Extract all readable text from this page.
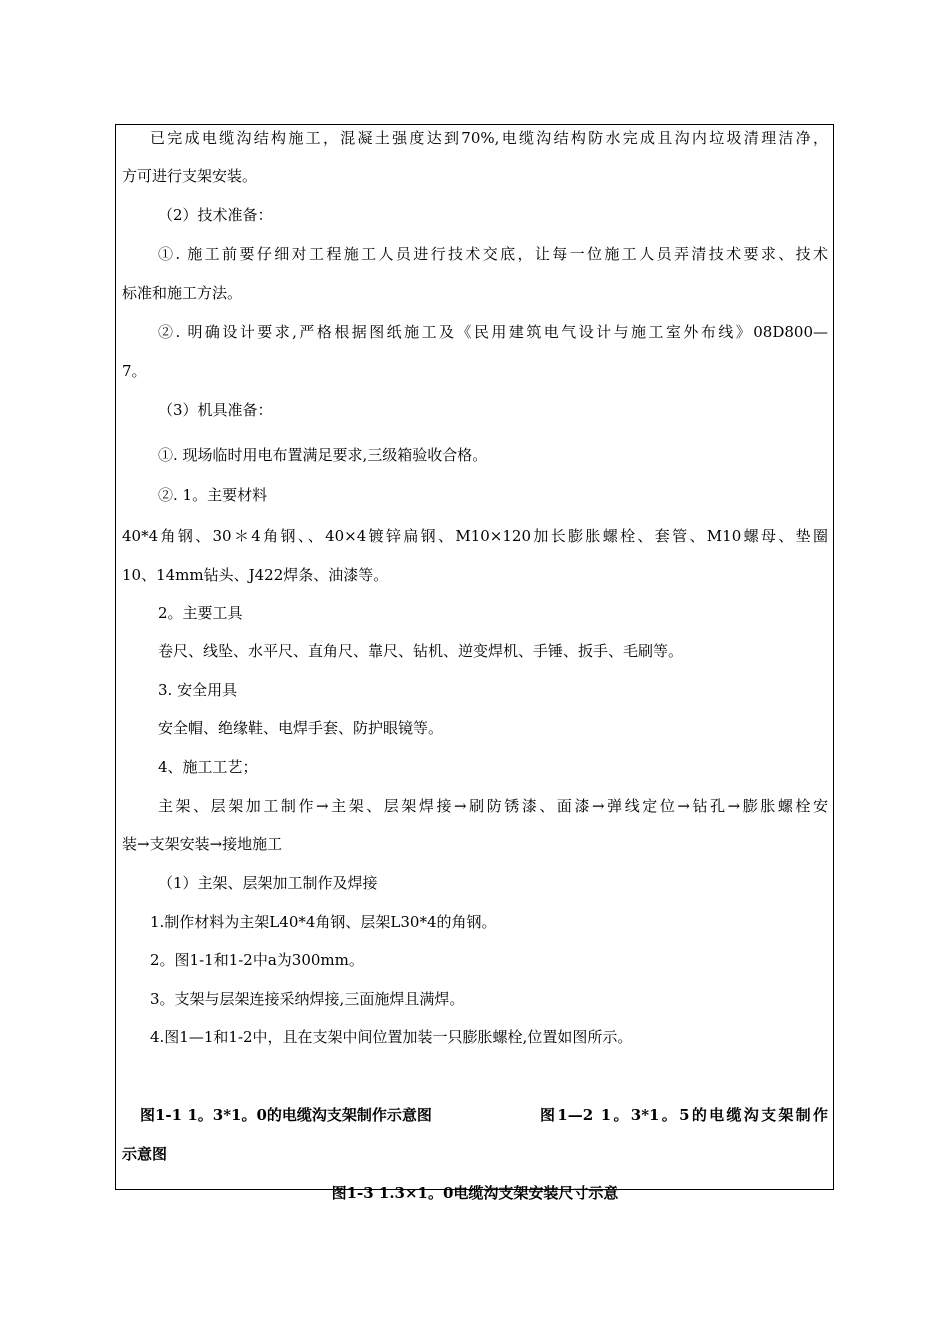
已完成电缆沟结构施工，混凝土强度达到70%,电缆沟结构防水完成且沟内垃圾清理洁净，
方可进行支架安装。
（2）技术准备：
①. 施工前要仔细对工程施工人员进行技术交底，让每一位施工人员弄清技术要求、技术
标准和施工方法。
②. 明确设计要求,严格根据图纸施工及《民用建筑电气设计与施工室外布线》08D800—
7。
（3）机具准备：
①. 现场临时用电布置满足要求,三级箱验收合格。
②. 1。主要材料
40*4角钢、30＊4角钢、、40×4镀锌扁钢、M10×120加长膨胀螺栓、套管、M10螺母、垫圈
10、14mm钻头、J422焊条、油漆等。
2。主要工具
卷尺、线坠、水平尺、直角尺、靠尺、钻机、逆变焊机、手锤、扳手、毛刷等。
3. 安全用具
安全帽、绝缘鞋、电焊手套、防护眼镜等。
4、施工工艺；
主架、层架加工制作→主架、层架焊接→刷防锈漆、面漆→弹线定位→钻孔→膨胀螺栓安
装→支架安装→接地施工
（1）主架、层架加工制作及焊接
1.制作材料为主架L40*4角钢、层架L30*4的角钢。
2。图1-1和1-2中a为300mm。
3。支架与层架连接采纳焊接,三面施焊且满焊。
4.图1—1和1-2中，且在支架中间位置加装一只膨胀螺栓,位置如图所示。
图1-1 1。3*1。0的电缆沟支架制作示意图	图1—2 1。3*1。5的电缆沟支架制作
示意图
图1-3 1.3×1。0电缆沟支架安装尺寸示意
